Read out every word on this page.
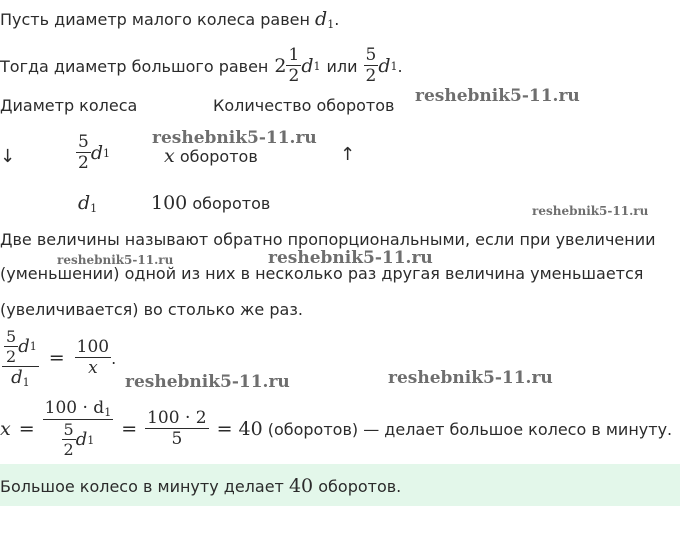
Пусть диаметр малого колеса равен $d_1$.
Тогда диаметр большого равен $2 \frac{1}{2}$ d 1 или $\frac{5}{2}$ d 1 .
Диаметр колеса	Количество оборотов
↓	$\frac{5}{2}$ d 1	x оборотов	↑
$d_1$	100 оборотов
Две величины называют обратно пропорциональными, если при увеличении
(уменьшении) одной из них в несколько раз другая величина уменьшается
(увеличивается) во столько же раз.
$\frac{\frac{5}{2} d 1}{d_1} = \frac{100}{x}$ .
$x = \frac{100 \cdot d_1}{\frac{5}{2} d 1} = \frac{100 \cdot 2}{5} = 40$ (оборотов) — делает большое колесо в минуту.
Большое колесо в минуту делает 40 оборотов.
reshebnik5-11.ru
reshebnik5-11.ru
reshebnik5-11.ru
reshebnik5-11.ru	reshebnik5-11.ru
reshebnik5-11.ru	reshebnik5-11.ru
